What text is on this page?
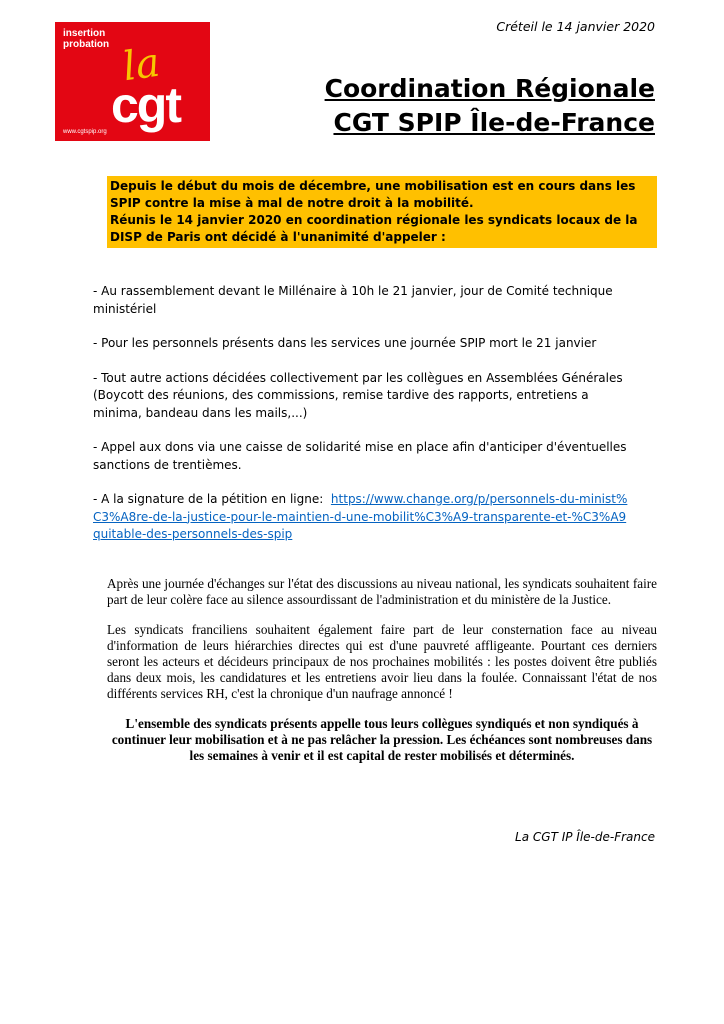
Créteil le 14 janvier 2020
insertion
probation la
cgt
www.cgtspip.org
Coordination Régionale
CGT SPIP Île-de-France
Depuis le début du mois de décembre, une mobilisation est en cours dans les SPIP contre la mise à mal de notre droit à la mobilité.
Réunis le 14 janvier 2020 en coordination régionale les syndicats locaux de la DISP de Paris ont décidé à l'unanimité d'appeler :

- Au rassemblement devant le Millénaire à 10h le 21 janvier, jour de Comité technique ministériel

- Pour les personnels présents dans les services une journée SPIP mort le 21 janvier

- Tout autre actions décidées collectivement par les collègues en Assemblées Générales (Boycott des réunions, des commissions, remise tardive des rapports, entretiens a minima, bandeau dans les mails,...)

- Appel aux dons via une caisse de solidarité mise en place afin d'anticiper d'éventuelles sanctions de trentièmes.

- A la signature de la pétition en ligne:  https://www.change.org/p/personnels-du-minist%C3%A8re-de-la-justice-pour-le-maintien-d-une-mobilit%C3%A9-transparente-et-%C3%A9quitable-des-personnels-des-spip

Après une journée d'échanges sur l'état des discussions au niveau national, les syndicats souhaitent faire part de leur colère face au silence assourdissant de l'administration et du ministère de la Justice.

Les syndicats franciliens souhaitent également faire part de leur consternation face au niveau d'information de leurs hiérarchies directes qui est d'une pauvreté affligeante. Pourtant ces derniers seront les acteurs et décideurs principaux de nos prochaines mobilités : les postes doivent être publiés dans deux mois, les candidatures et les entretiens avoir lieu dans la foulée. Connaissant l'état de nos différents services RH, c'est la chronique d'un naufrage annoncé !

L'ensemble des syndicats présents appelle tous leurs collègues syndiqués et non syndiqués à continuer leur mobilisation et à ne pas relâcher la pression. Les échéances sont nombreuses dans les semaines à venir et il est capital de rester mobilisés et déterminés.

La CGT IP Île-de-France
